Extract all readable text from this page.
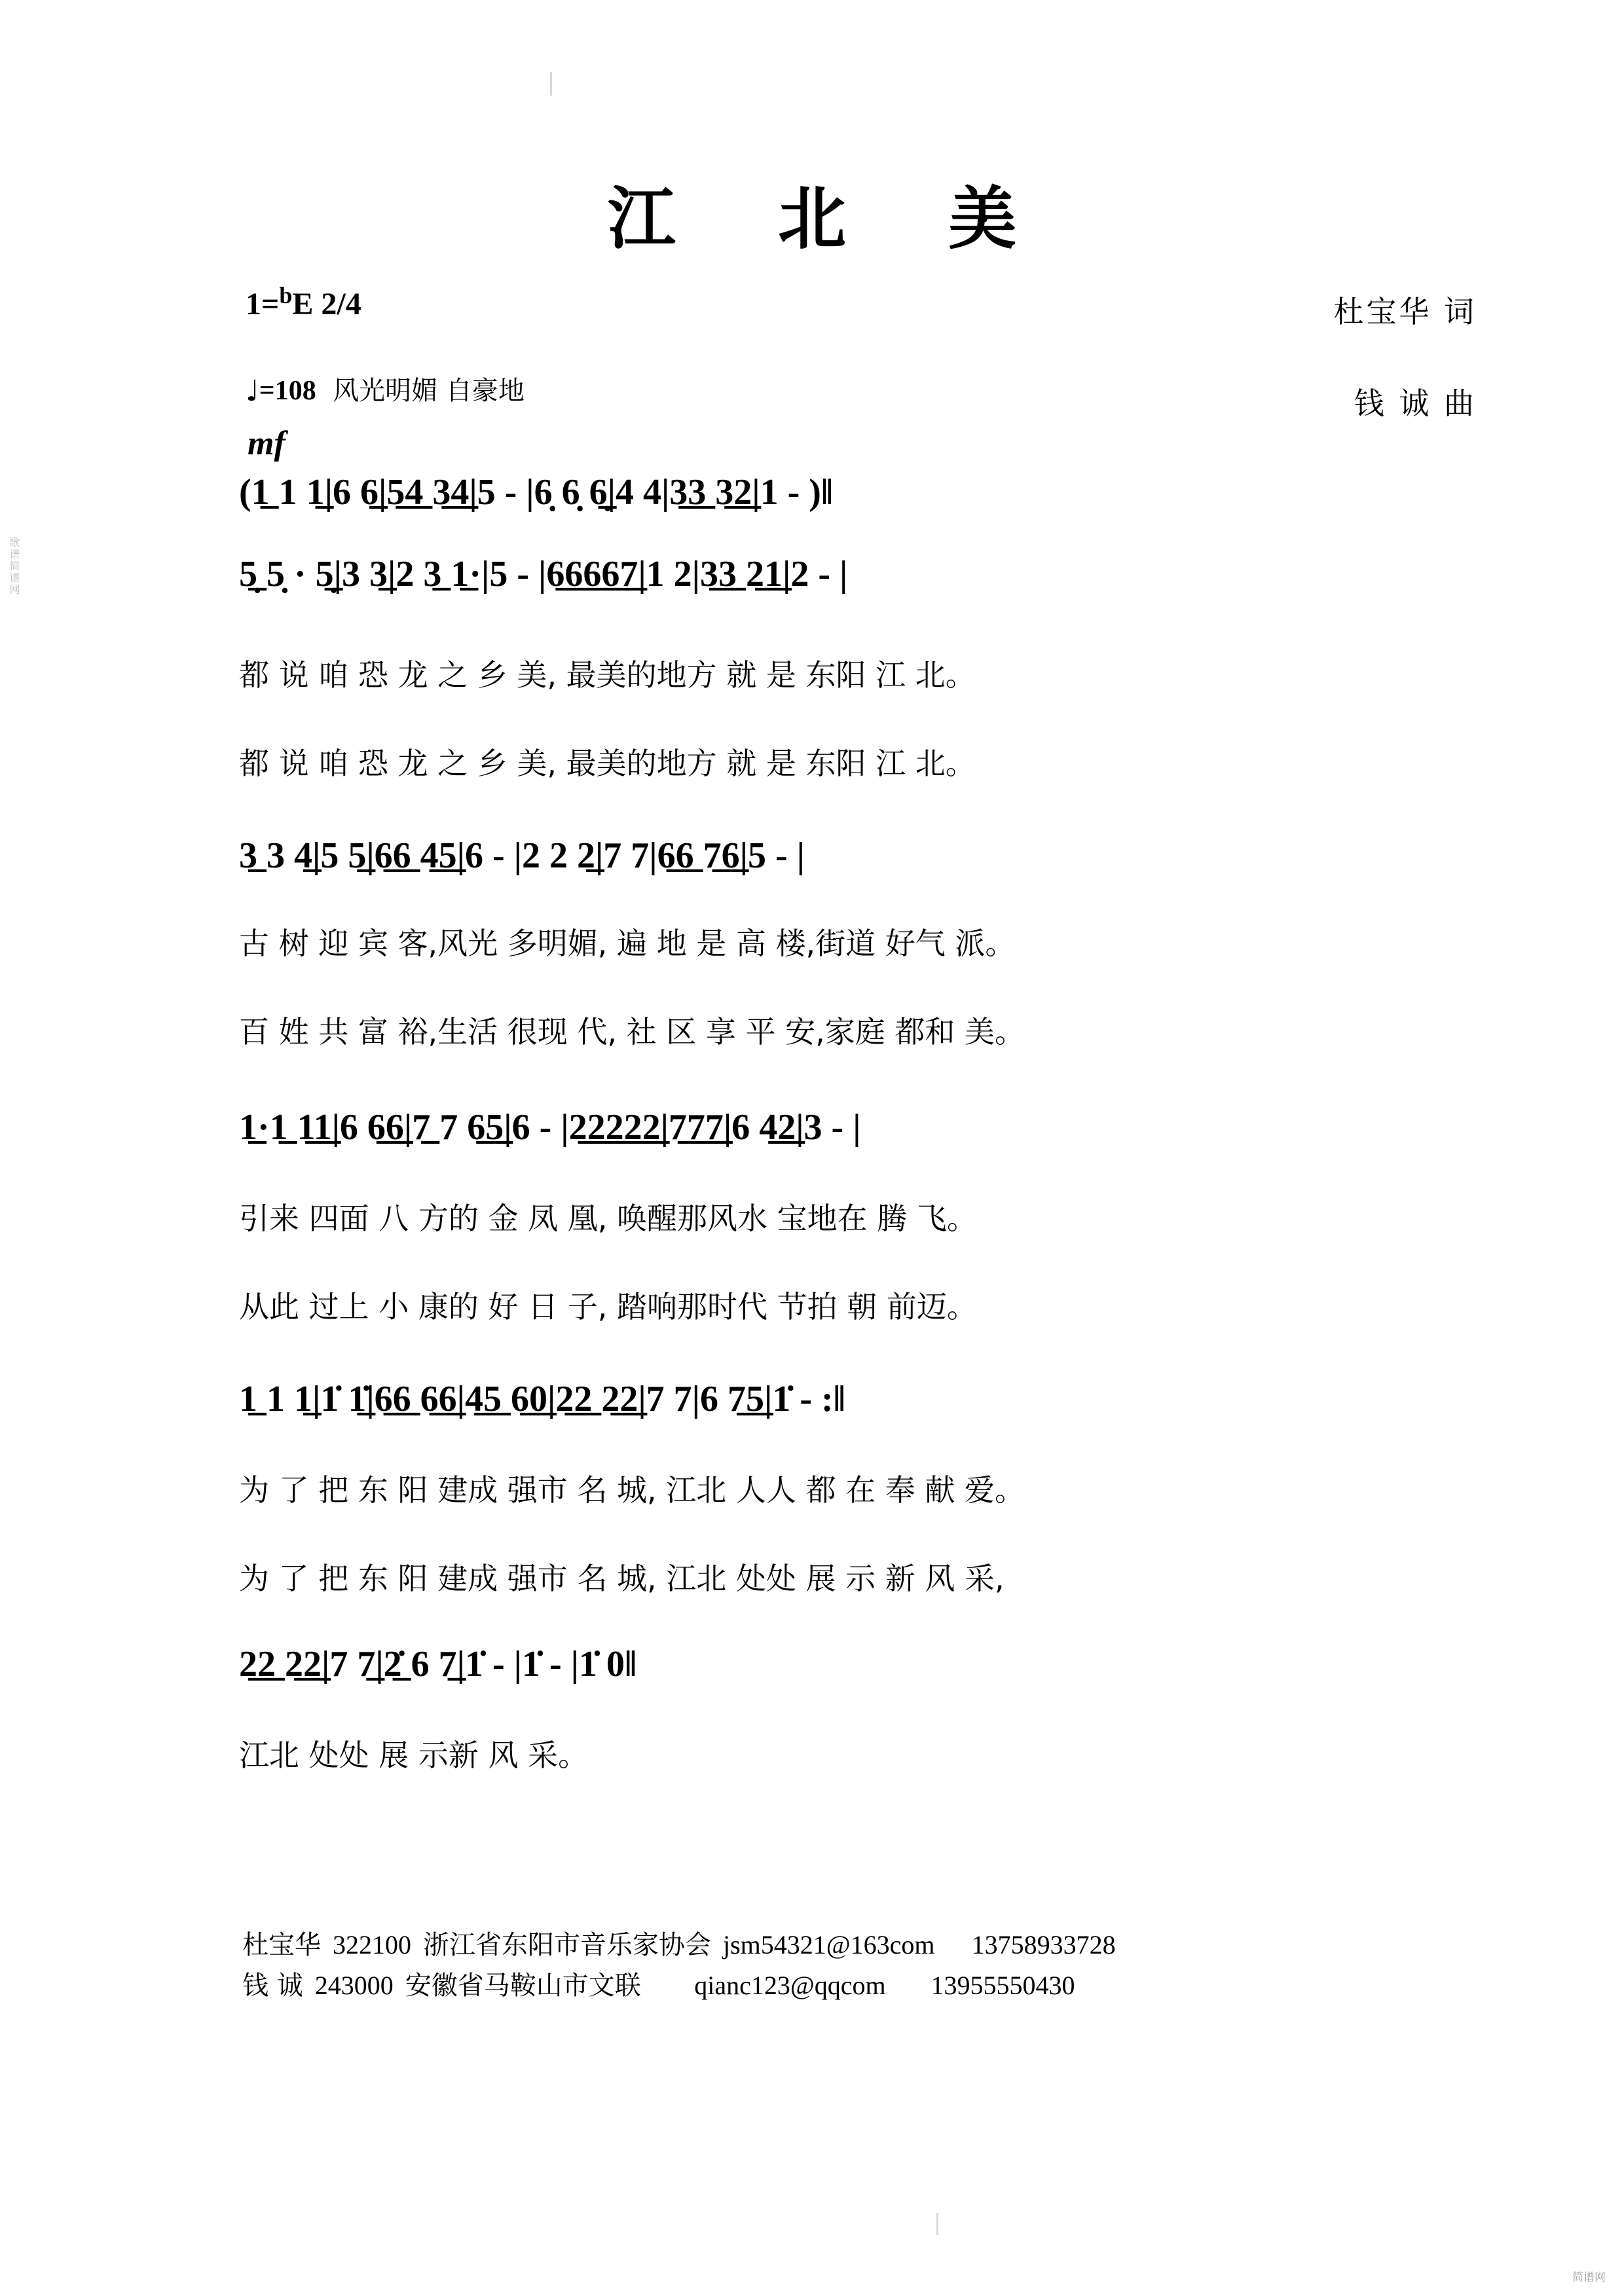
江 北 美
1=$^b$E 2/4	杜宝华 词
钱 诚 曲
♩=108 风光明媚 自豪地
mf
(1̲ 1 1̲|6 6̲|5̲4̲ 3̲4̲|5 - |6̣ 6̣ 6̣̲|4 4|3̲3̲ 3̲2̲|1 - )‖
5̣̲ 5̣ · 5̣̲|3 3̲|2 3̲ 1̲·|5 - |6̲6̲6̲6̲7̲|1 2|3̲3̲ 2̲1̲|2 - |
都 说 咱 恐 龙 之 乡 美, 最美的地方 就 是 东阳 江 北。
都 说 咱 恐 龙 之 乡 美, 最美的地方 就 是 东阳 江 北。
3̲ 3 4̲|5 5̲|6̲6̲ 4̲5̲|6 - |2 2 2̲|7 7|6̲6̲ 7̲6̲|5 - |
古 树 迎 宾 客,风光 多明媚, 遍 地 是 高 楼,街道 好气 派。
百 姓 共 富 裕,生活 很现 代, 社 区 享 平 安,家庭 都和 美。
1̲·1̲ 1̲1̲|6 6̲6̲|7̲ 7 6̲5̲|6 - |2̲2̲2̲2̲2̲|7̲7̲7̲|6 4̲2̲|3 - |
引来 四面 八 方的 金 凤 凰, 唤醒那风水 宝地在 腾 飞。
从此 过上 小 康的 好 日 子, 踏响那时代 节拍 朝 前迈。
1̲ 1 1̲|1̇ 1̲̇|6̲6̲ 6̲6̲|4̲5̲ 6̲0̲|2̲2̲ 2̲2̲|7 7|6 7̲5̲|1̇ - :‖
为 了 把 东 阳 建成 强市 名 城, 江北 人人 都 在 奉 献 爱。
为 了 把 东 阳 建成 强市 名 城, 江北 处处 展 示 新 风 采,
2̲2̲ 2̲2̲|7 7̲|2̲̇ 6 7̲|1̇ - |1̇ - |1̇ 0‖
江北 处处 展 示新 风 采。
杜宝华 322100 浙江省东阳市音乐家协会 jsm54321@163com 13758933728
钱 诚 243000 安徽省马鞍山市文联 qianc123@qqcom 13955550430
歌谱简谱网
简谱网
